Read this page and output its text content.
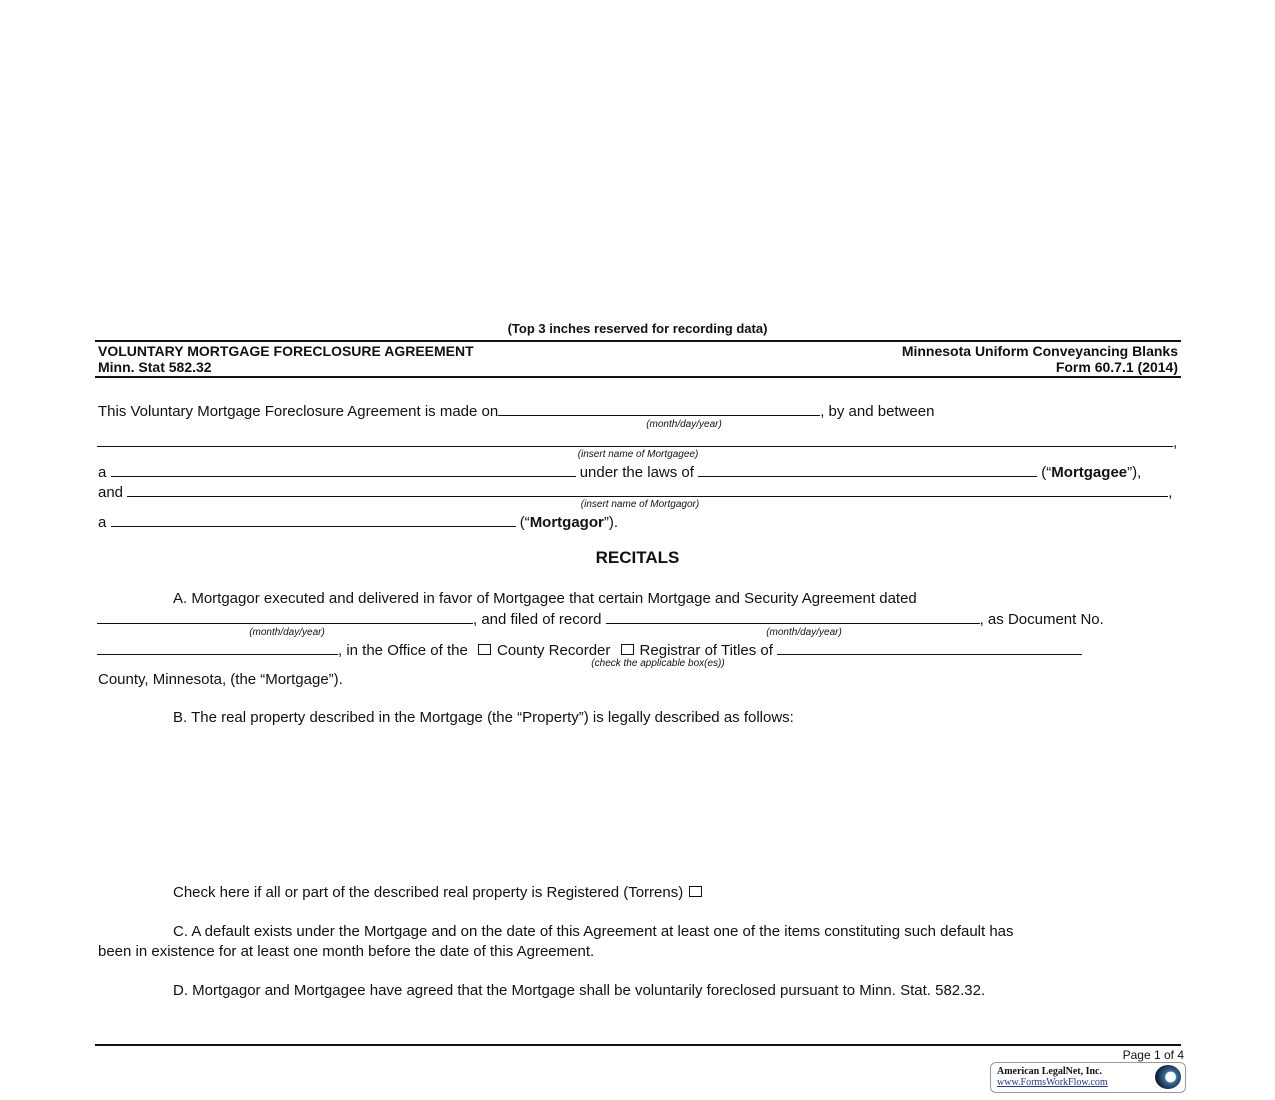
(Top 3 inches reserved for recording data)
VOLUNTARY MORTGAGE FORECLOSURE AGREEMENT
Minn. Stat 582.32
Minnesota Uniform Conveyancing Blanks
Form 60.7.1 (2014)
This Voluntary Mortgage Foreclosure Agreement is made on	, by and between
(month/day/year)
,
(insert name of Mortgagee)
a	under the laws of	(“Mortgagee”),
and	,
(insert name of Mortgagor)
a	(“Mortgagor”).
RECITALS
A. Mortgagor executed and delivered in favor of Mortgagee that certain Mortgage and Security Agreement dated
, and filed of record	, as Document No.
(month/day/year)	(month/day/year)
, in the Office of the County Recorder Registrar of Titles of
(check the applicable box(es))
County, Minnesota, (the “Mortgage”).
B. The real property described in the Mortgage (the “Property”) is legally described as follows:
Check here if all or part of the described real property is Registered (Torrens)
C. A default exists under the Mortgage and on the date of this Agreement at least one of the items constituting such default has
been in existence for at least one month before the date of this Agreement.
D. Mortgagor and Mortgagee have agreed that the Mortgage shall be voluntarily foreclosed pursuant to Minn. Stat. 582.32.
Page 1 of 4
American LegalNet, Inc.
www.FormsWorkFlow.com
